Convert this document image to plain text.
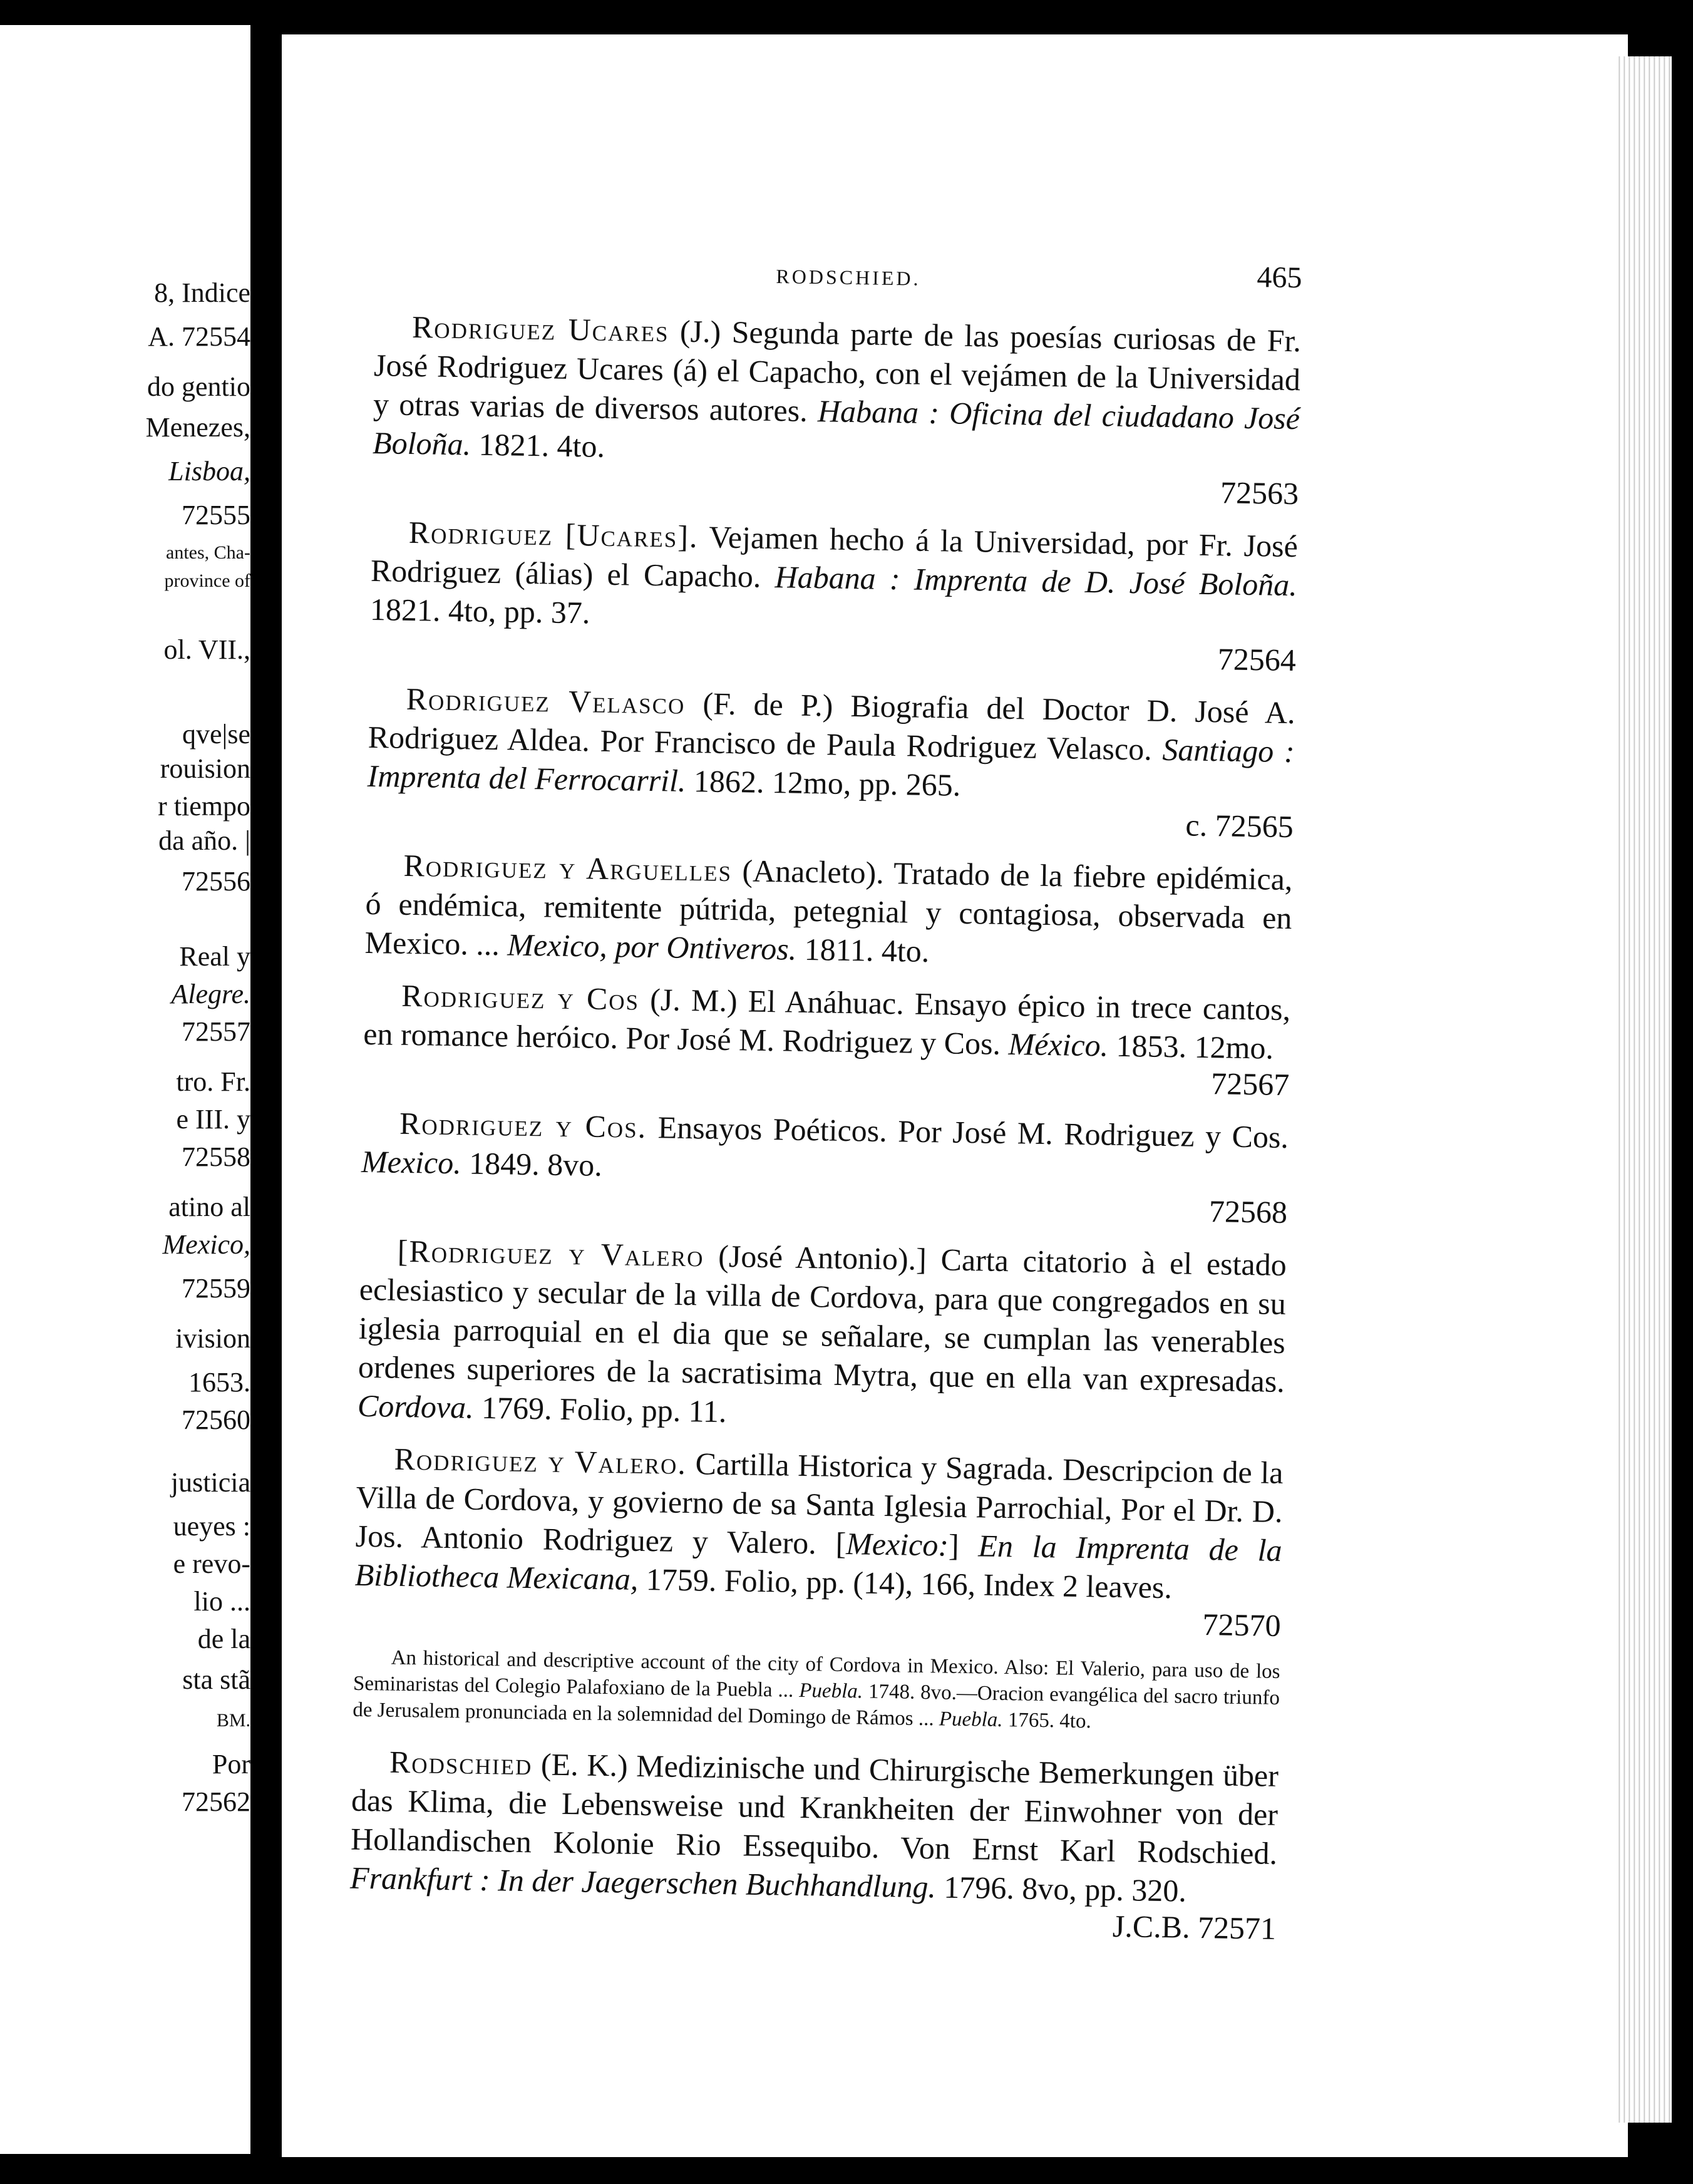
8, Indice
A. 72554
do gentio
Menezes,
Lisboa,
72555
antes, Cha-
province of
ol. VII.,
qve|se
rouision
r tiempo
da año. |
72556
Real y
Alegre.
72557
tro. Fr.
e III. y
72558
atino al
Mexico,
72559
ivision
1653.
72560
justicia
ueyes :
e revo-
lio ...
de la
sta stã
BM.
Por
72562
RODSCHIED.	465

Rodriguez Ucares (J.) Segunda parte de las poesías curiosas de Fr. José Rodriguez Ucares (á) el Capacho, con el vejámen de la Universidad y otras varias de diversos autores. Habana : Oficina del ciudadano José Boloña. 1821. 4to.

72563

Rodriguez [Ucares]. Vejamen hecho á la Universidad, por Fr. José Rodriguez (álias) el Capacho. Habana : Imprenta de D. José Boloña. 1821. 4to, pp. 37.

72564

Rodriguez Velasco (F. de P.) Biografia del Doctor D. José A. Rodriguez Aldea. Por Francisco de Paula Rodriguez Velasco. Santiago : Imprenta del Ferrocarril. 1862. 12mo, pp. 265.

c. 72565

Rodriguez y Arguelles (Anacleto). Tratado de la fiebre epidémica, ó endémica, remitente pútrida, petegnial y contagiosa, observada en Mexico. ... Mexico, por Ontiveros. 1811. 4to.

Rodriguez y Cos (J. M.) El Anáhuac. Ensayo épico in trece cantos, en romance heróico. Por José M. Rodriguez y Cos. México. 1853. 12mo.

72567

Rodriguez y Cos. Ensayos Poéticos. Por José M. Rodriguez y Cos. Mexico. 1849. 8vo.

72568

[Rodriguez y Valero (José Antonio).] Carta citatorio à el estado eclesiastico y secular de la villa de Cordova, para que congregados en su iglesia parroquial en el dia que se señalare, se cumplan las venerables ordenes superiores de la sacratisima Mytra, que en ella van expresadas. Cordova. 1769. Folio, pp. 11.

Rodriguez y Valero. Cartilla Historica y Sagrada. Descripcion de la Villa de Cordova, y govierno de sa Santa Iglesia Parrochial, Por el Dr. D. Jos. Antonio Rodriguez y Valero. [Mexico:] En la Imprenta de la Bibliotheca Mexicana, 1759. Folio, pp. (14), 166, Index 2 leaves.

72570
An historical and descriptive account of the city of Cordova in Mexico. Also: El Valerio, para uso de los Seminaristas del Colegio Palafoxiano de la Puebla ... Puebla. 1748. 8vo.—Oracion evangélica del sacro triunfo de Jerusalem pronunciada en la solemnidad del Domingo de Rámos ... Puebla. 1765. 4to.

Rodschied (E. K.) Medizinische und Chirurgische Bemerkungen über das Klima, die Lebensweise und Krankheiten der Einwohner von der Hollandischen Kolonie Rio Essequibo. Von Ernst Karl Rodschied. Frankfurt : In der Jaegerschen Buchhandlung. 1796. 8vo, pp. 320.

J.C.B. 72571
